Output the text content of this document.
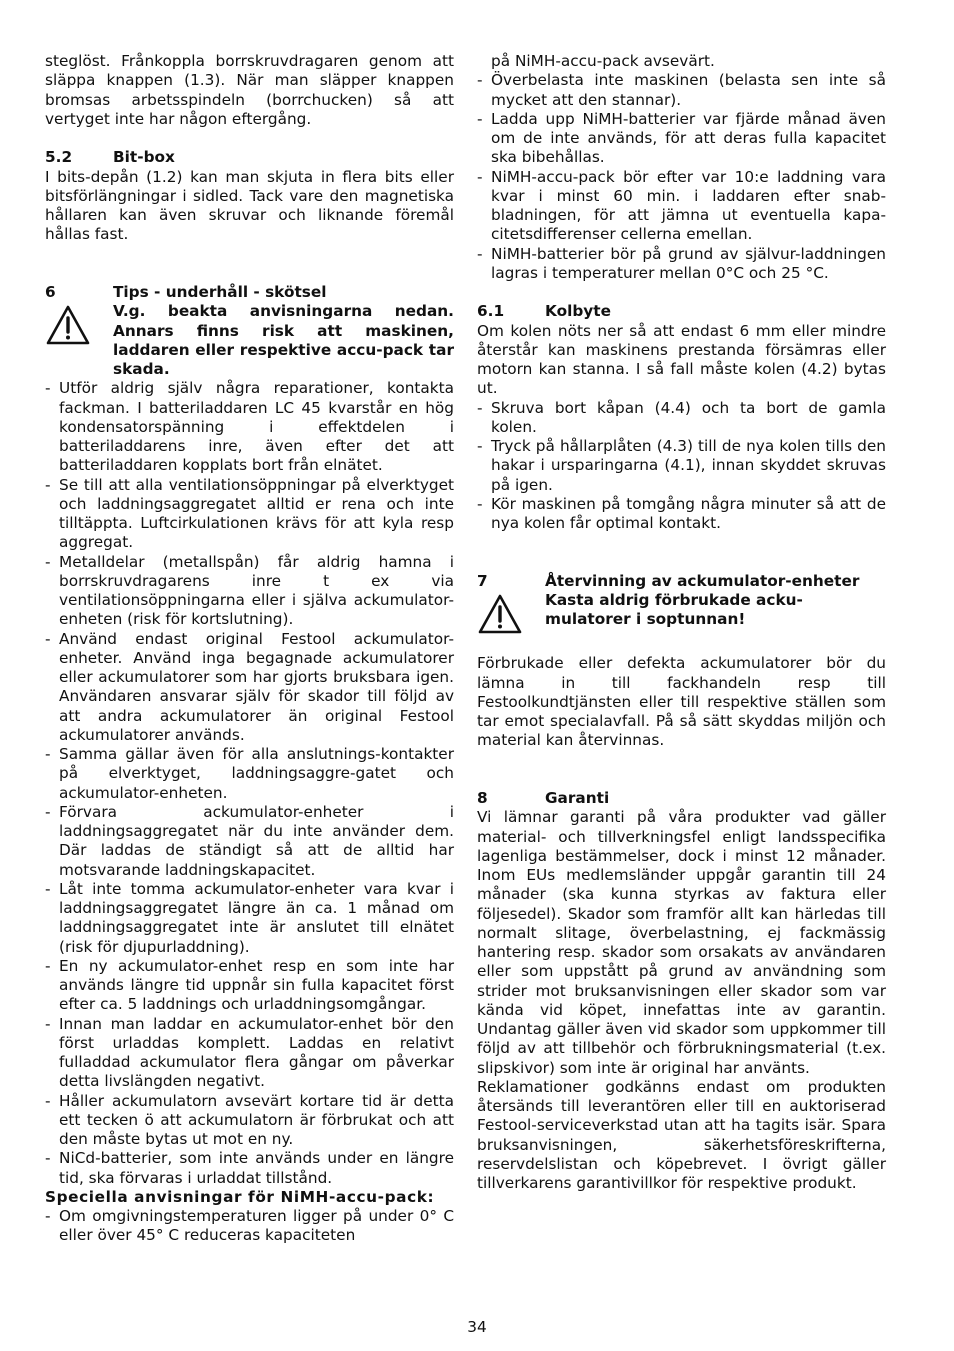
steglöst. Frånkoppla borrskruvdragaren genom att släppa knappen (1.3). När man släpper knappen bromsas arbetsspindeln (borrchucken) så att vertyget inte har någon eftergång.

5.2	Bit-box

I bits-depån (1.2) kan man skjuta in flera bits eller bitsförlängningar i sidled. Tack vare den magnetiska hållaren kan även skruvar och liknande föremål hållas fast.

6	Tips - underhåll - skötsel
V.g. beakta anvisningarna nedan. Annars finns risk att maskinen, laddaren eller respektive accu-pack tar skada.
- Utför aldrig själv några reparationer, kontakta fackman. I batteriladdaren LC 45 kvarstår en hög kondensatorspänning i effektdelen i batteriladdarens inre, även efter det att batteriladdaren kopplats bort från elnätet.
- Se till att alla ventilationsöppningar på elverktyget och laddningsaggregatet alltid er rena och inte tilltäppta. Luftcirkulationen krävs för att kyla resp aggregat.
- Metalldelar (metallspån) får aldrig hamna i borrskruvdragarens inre t ex via ventilationsöppningarna eller i själva ackumulator-enheten (risk för kortslutning).
- Använd endast original Festool ackumulator-enheter. Använd inga begagnade ackumulatorer eller ackumulatorer som har gjorts bruksbara igen. Användaren ansvarar själv för skador till följd av att andra ackumulatorer än original Festool ackumulatorer används.
- Samma gällar även för alla anslutnings-kontakter på elverktyget, laddningsaggre-gatet och ackumulator-enheten.
- Förvara ackumulator-enheter i laddningsaggregatet när du inte använder dem. Där laddas de ständigt så att de alltid har motsvarande laddningskapacitet.
- Låt inte tomma ackumulator-enheter vara kvar i laddningsaggregatet längre än ca. 1 månad om laddningsaggregatet inte är anslutet till elnätet (risk för djupurladdning).
- En ny ackumulator-enhet resp en som inte har används längre tid uppnår sin fulla kapacitet först efter ca. 5 laddnings och urladdningsomgångar.
- Innan man laddar en ackumulator-enhet bör den först urladdas komplett. Laddas en relativt fulladdad ackumulator flera gångar om påverkar detta livslängden negativt.
- Håller ackumulatorn avsevärt kortare tid är detta ett tecken ö att ackumulatorn är förbrukat och att den måste bytas ut mot en ny.
- NiCd-batterier, som inte används under en längre tid, ska förvaras i urladdat tillstånd.
Speciella anvisningar för NiMH-accu-pack:
- Om omgivningstemperaturen ligger på under 0° C eller över 45° C reduceras kapaciteten

på NiMH-accu-pack avsevärt.

- Överbelasta inte maskinen (belasta sen inte så mycket att den stannar).
- Ladda upp NiMH-batterier var fjärde månad även om de inte används, för att deras fulla kapacitet ska bibehållas.
- NiMH-accu-pack bör efter var 10:e laddning vara kvar i minst 60 min. i laddaren efter snab-bladningen, för att jämna ut eventuella kapa-citetsdifferenser cellerna emellan.
- NiMH-batterier bör på grund av självur-laddningen lagras i temperaturer mellan 0°C och 25 °C.
6.1	Kolbyte

Om kolen nöts ner så att endast 6 mm eller mindre återstår kan maskinens prestanda försämras eller motorn kan stanna. I så fall måste kolen (4.2) bytas ut.

- Skruva bort kåpan (4.4) och ta bort de gamla kolen.
- Tryck på hållarplåten (4.3) till de nya kolen tills den hakar i ursparingarna (4.1), innan skyddet skruvas på igen.
- Kör maskinen på tomgång några minuter så att de nya kolen får optimal kontakt.
7	Återvinning av ackumulator-enheter
Kasta aldrig förbrukade acku-mulatorer i soptunnan!

Förbrukade eller defekta ackumulatorer bör du lämna in till fackhandeln resp till Festoolkundtjänsten eller till respektive ställen som tar emot specialavfall. På så sätt skyddas miljön och material kan återvinnas.

8	Garanti

Vi lämnar garanti på våra produkter vad gäller material- och tillverkningsfel enligt landsspecifika lagenliga bestämmelser, dock i minst 12 månader. Inom EUs medlemsländer uppgår garantin till 24 månader (ska kunna styrkas av faktura eller följesedel). Skador som framför allt kan härledas till normalt slitage, överbelastning, ej fackmässig hantering resp. skador som orsakats av användaren eller som uppstått på grund av användning som strider mot bruksanvisningen eller skador som var kända vid köpet, innefattas inte av garantin. Undantag gäller även vid skador som uppkommer till följd av att tillbehör och förbrukningsmaterial (t.ex. slipskivor) som inte är original har använts.

Reklamationer godkänns endast om produkten återsänds till leverantören eller till en auktoriserad Festool-serviceverkstad utan att ha tagits isär. Spara bruksanvisningen, säkerhetsföreskrifterna, reservdelslistan och köpebrevet. I övrigt gäller tillverkarens garantivillkor för respektive produkt.

34
